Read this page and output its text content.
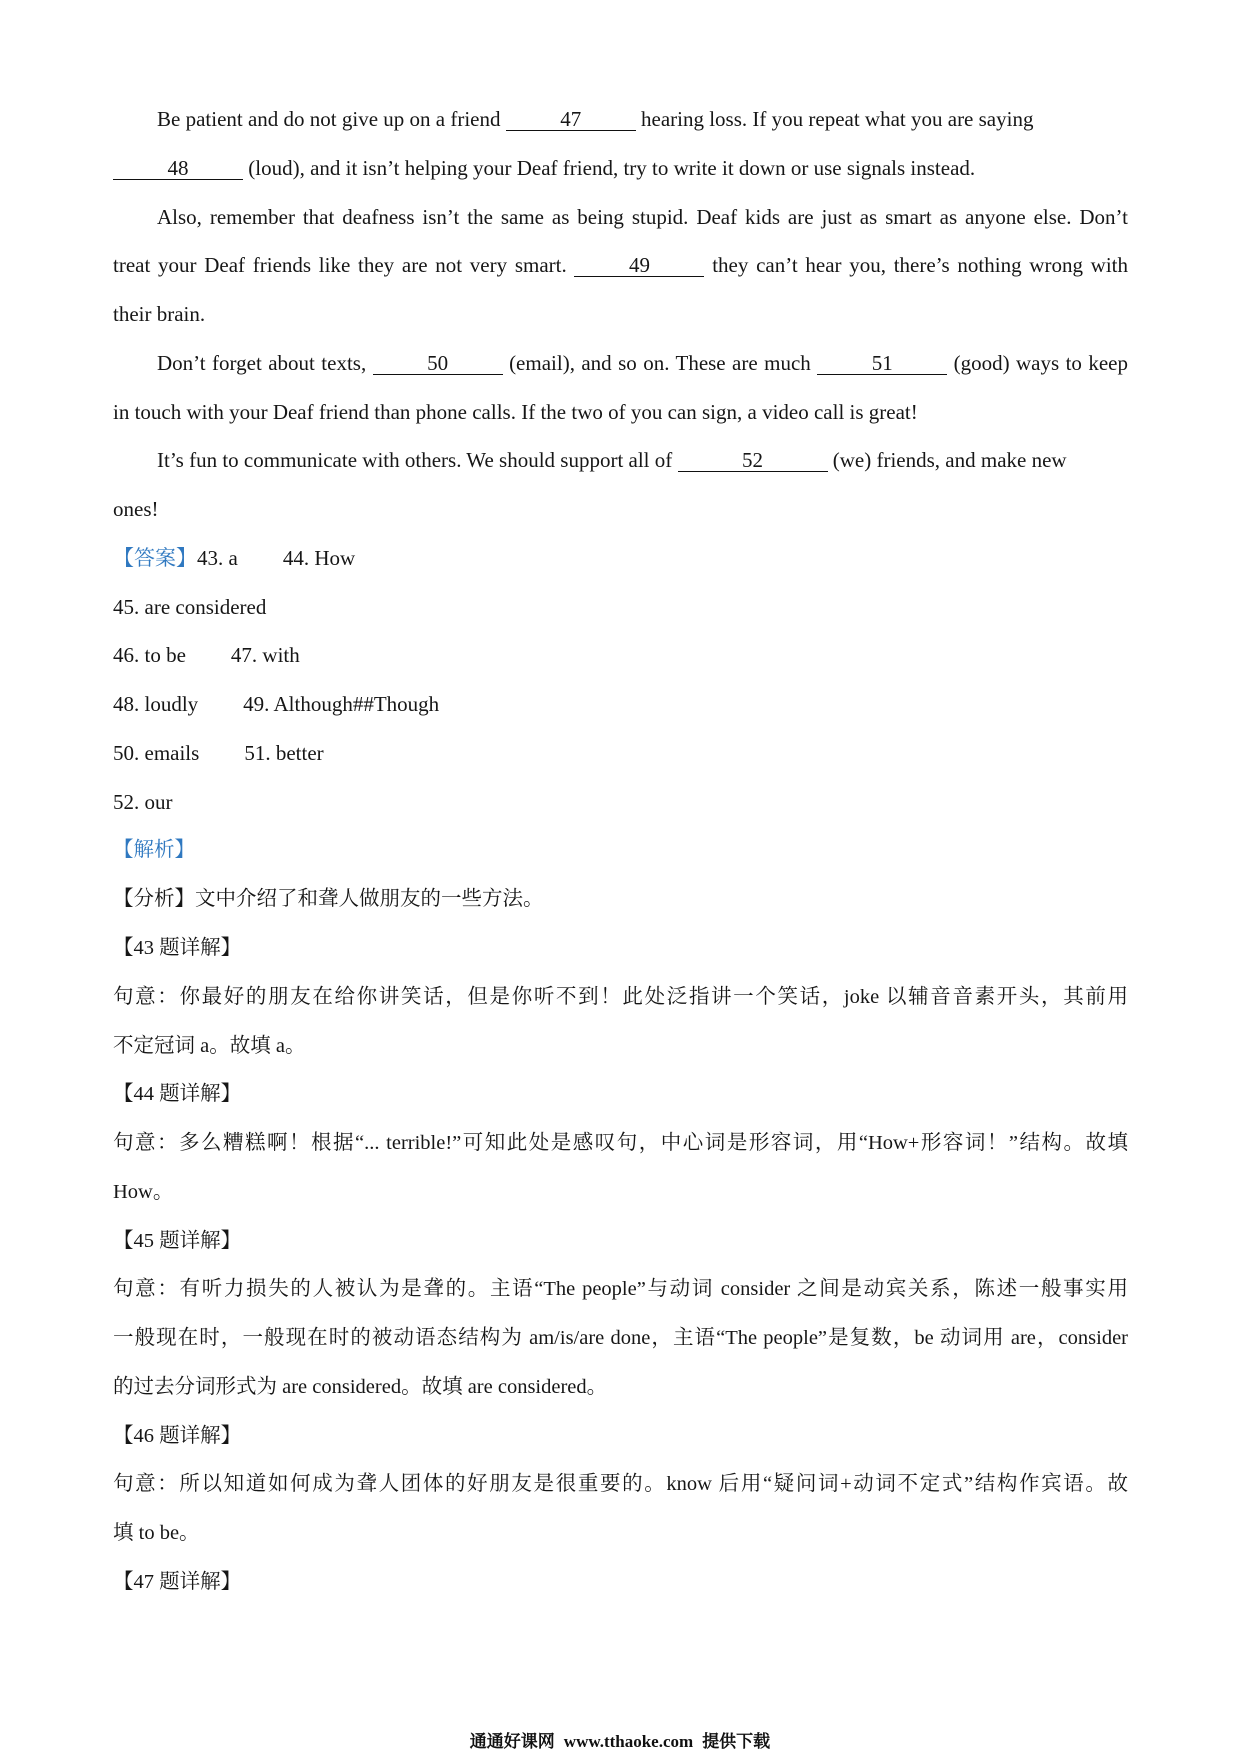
Be patient and do not give up on a friend	47	hearing loss. If you repeat what you are saying
48	(loud), and it isn’t helping your Deaf friend, try to write it down or use signals instead.
Also, remember that deafness isn’t the same as being stupid. Deaf kids are just as smart as anyone else. Don’t
treat your Deaf friends like they are not very smart.	49	they can’t hear you, there’s nothing wrong with
their brain.
Don’t forget about texts,	50	(email), and so on. These are much	51	(good) ways to keep
in touch with your Deaf friend than phone calls. If the two of you can sign, a video call is great!
It’s fun to communicate with others. We should support all of	52	(we) friends, and make new
ones!
【答案】43. a 44. How
45. are considered
46. to be 47. with
48. loudly 49. Although##Though
50. emails 51. better
52. our
【解析】
【分析】文中介绍了和聋人做朋友的一些方法。
【43 题详解】
句意：你最好的朋友在给你讲笑话，但是你听不到！此处泛指讲一个笑话，joke 以辅音音素开头，其前用
不定冠词 a。故填 a。
【44 题详解】
句意：多么糟糕啊！根据“... terrible!”可知此处是感叹句，中心词是形容词，用“How+形容词！”结构。故填
How。
【45 题详解】
句意：有听力损失的人被认为是聋的。主语“The people”与动词 consider 之间是动宾关系，陈述一般事实用
一般现在时，一般现在时的被动语态结构为 am/is/are done，主语“The people”是复数，be 动词用 are，consider
的过去分词形式为 are considered。故填 are considered。
【46 题详解】
句意：所以知道如何成为聋人团体的好朋友是很重要的。know 后用“疑问词+动词不定式”结构作宾语。故
填 to be。
【47 题详解】
通通好课网 www.tthaoke.com 提供下载
